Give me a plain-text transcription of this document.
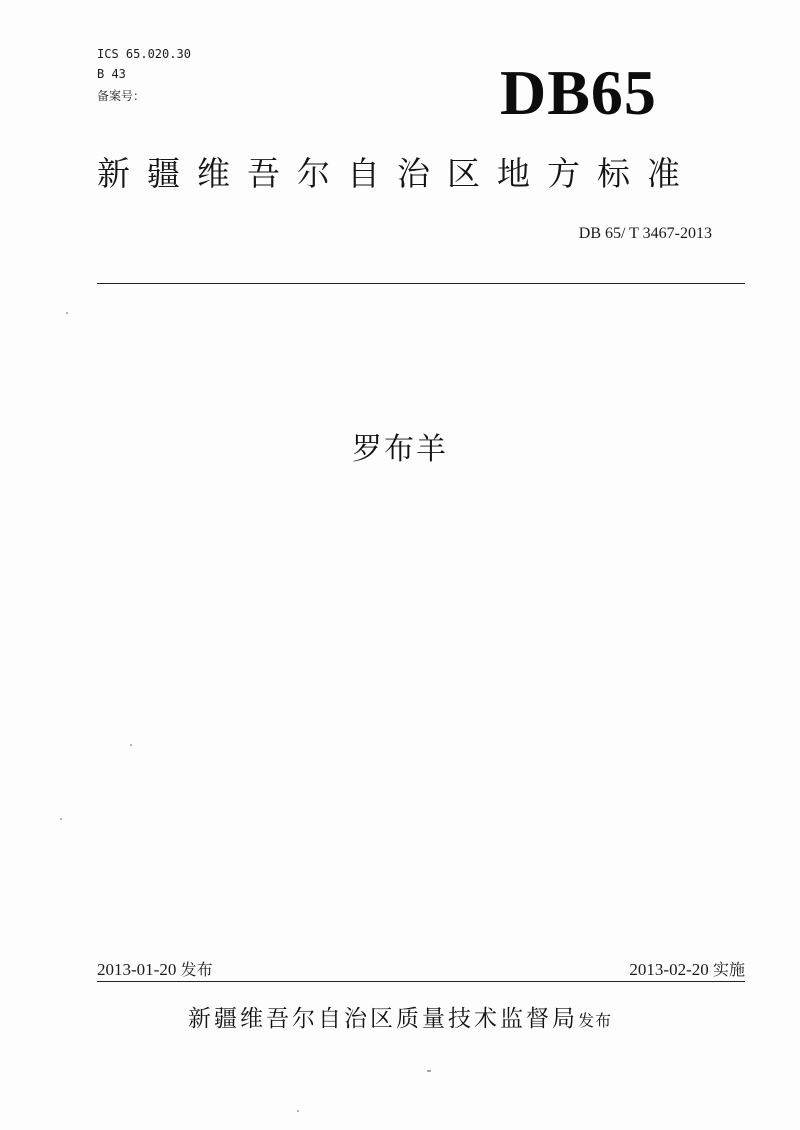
ICS 65.020.30
B 43
备案号：	DB65
新疆维吾尔自治区地方标准
DB 65/ T 3467-2013
罗布羊
2013-01-20 发布	2013-02-20 实施
新疆维吾尔自治区质量技术监督局发布
